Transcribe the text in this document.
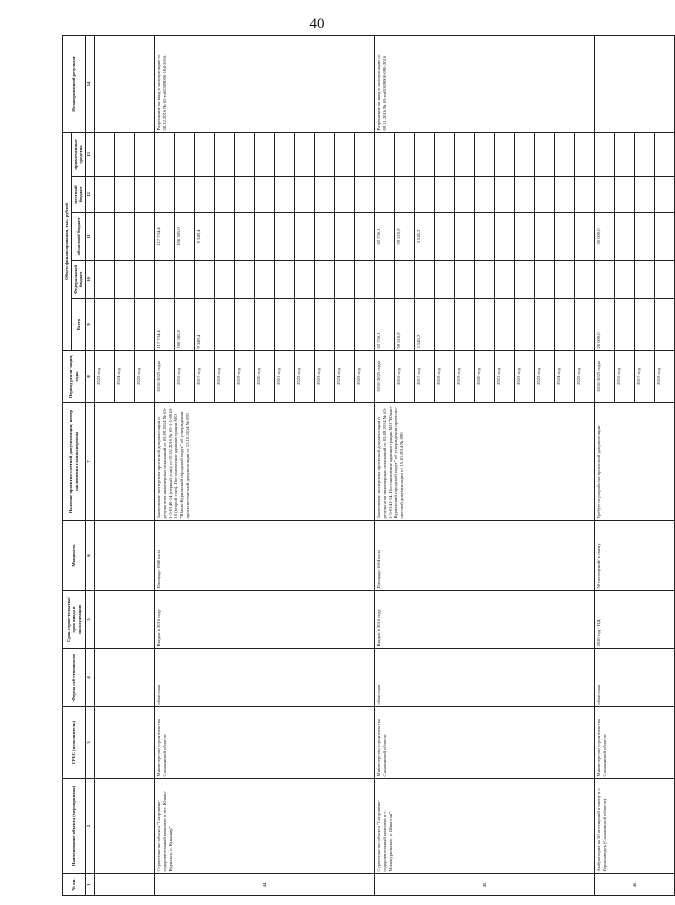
40
№ пп.	Наименование объекта (мероприятия)	ГРБС (исполнитель)	Форма соб-ственности	Срок строи-тельства/ срок ввода в эксплуатацию	Мощность	Наличие проектно-сметной документации, номер заключения главэкспертизы	Период реали-зации, годы	Объем финансирования, тыс. рублей					Незавершенный результат
								Всего	Федеральный бюджет	областной бюджет	местный бюджет	привлеченные средства	

1	2	3	4	5	6	7	8	9	10	11	12	13	14
							2023 год						
							2024 год						
							2025 год						
44.	Строительство объекта "Спортивно-оздоровительный комплекс в пгт. Южно-Курильск, о. Кунашир"	Министерство строительства Сахалинской области	областная	Введен в 2016 году	Площадь-1940 кв.м	Заключение экспертизы проектной документации и результатов инженерных изысканий от 05.09.2014 № 65-1-5-0140-14 (первый этап), от 01.02.2016 № 65-1-1-0018-16 (второй этап). Постановление администрации МО "Южно-Курильский городской округ" об утверждении проектно-сметной документации от 15.10.2014 № 891	2016-2025 годы	117 734,4		117 734,4			Разрешение на ввод в эксплуатацию от 28.12.2016 № 65-ru65309000-104-2016.
							2016 год	108 385,0		108 385,0			
							2017 год	9 349,4		9 349,4			
							2018 год						
							2019 год						
							2020 год						
							2021 год						
							2022 год						
							2023 год						
							2024 год						
							2025 год						
45.	Строительство объекта "Спортивно-оздоровительный комплекс в с. Малокурильское, о. Шикотан"	Министерство строительства Сахалинской области	областная	Введен в 2016 году	Площадь-1664 кв.м	Заключение экспертизы проектной документации и результатов инженерных изысканий от 03.09.2014 № 65-1-5-0141-14. Постановление администрации МО "Южно-Курильский городской округ" об утверждении проектно-сметной документации от 15.10.2014 № 890	2016-2025 годы	62 756,1		62 756,1			Разрешение на ввод в эксплуатацию от 09.11.2016 № 65-ru65309000-090-2016
							2016 год	59 210,9		59 210,9			
							2017 год	3 545,2		3 545,2			
							2018 год						
							2019 год						
							2020 год						
							2021 год						
							2022 год						
							2023 год						
							2024 год						
							2025 год						
46.	Амбулатория на 50 посещений в смену в г. Горнозаводск (Сахалинской области)	Министерство строительства Сахалинской области	областная	2020 год - ПД	50 посещений/ в смену	Требуется разработка проектной документации	2016-2025 годы	20 000,0		20 000,0			
							2016 год						
							2017 год						
							2018 год						
